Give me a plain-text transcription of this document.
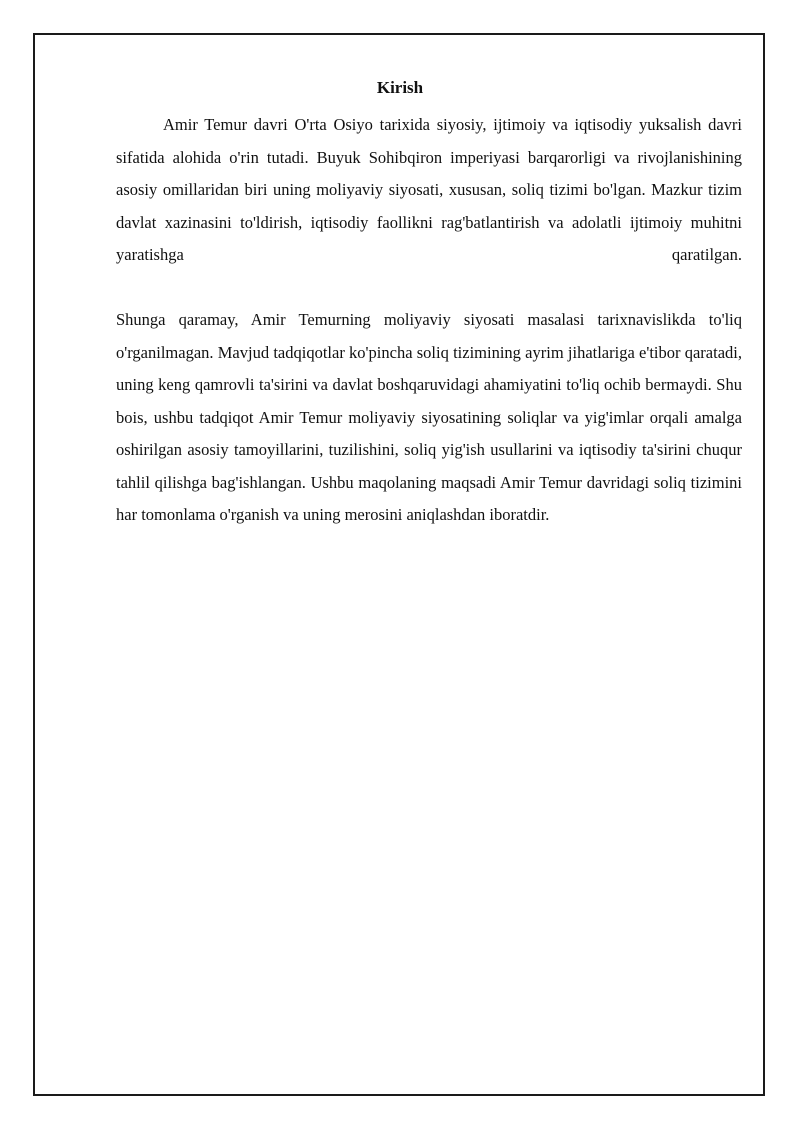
Kirish

Amir Temur davri O'rta Osiyo tarixida siyosiy, ijtimoiy va iqtisodiy yuksalish davri sifatida alohida o'rin tutadi. Buyuk Sohibqiron imperiyasi barqarorligi va rivojlanishining asosiy omillaridan biri uning moliyaviy siyosati, xususan, soliq tizimi bo'lgan. Mazkur tizim davlat xazinasini to'ldirish, iqtisodiy faollikni rag'batlantirish va adolatli ijtimoiy muhitni yaratishga qaratilgan.

Shunga qaramay, Amir Temurning moliyaviy siyosati masalasi tarixnavislikda to'liq o'rganilmagan. Mavjud tadqiqotlar ko'pincha soliq tizimining ayrim jihatlariga e'tibor qaratadi, uning keng qamrovli ta'sirini va davlat boshqaruvidagi ahamiyatini to'liq ochib bermaydi. Shu bois, ushbu tadqiqot Amir Temur moliyaviy siyosatining soliqlar va yig'imlar orqali amalga oshirilgan asosiy tamoyillarini, tuzilishini, soliq yig'ish usullarini va iqtisodiy ta'sirini chuqur tahlil qilishga bag'ishlangan. Ushbu maqolaning maqsadi Amir Temur davridagi soliq tizimini har tomonlama o'rganish va uning merosini aniqlashdan iboratdir.
